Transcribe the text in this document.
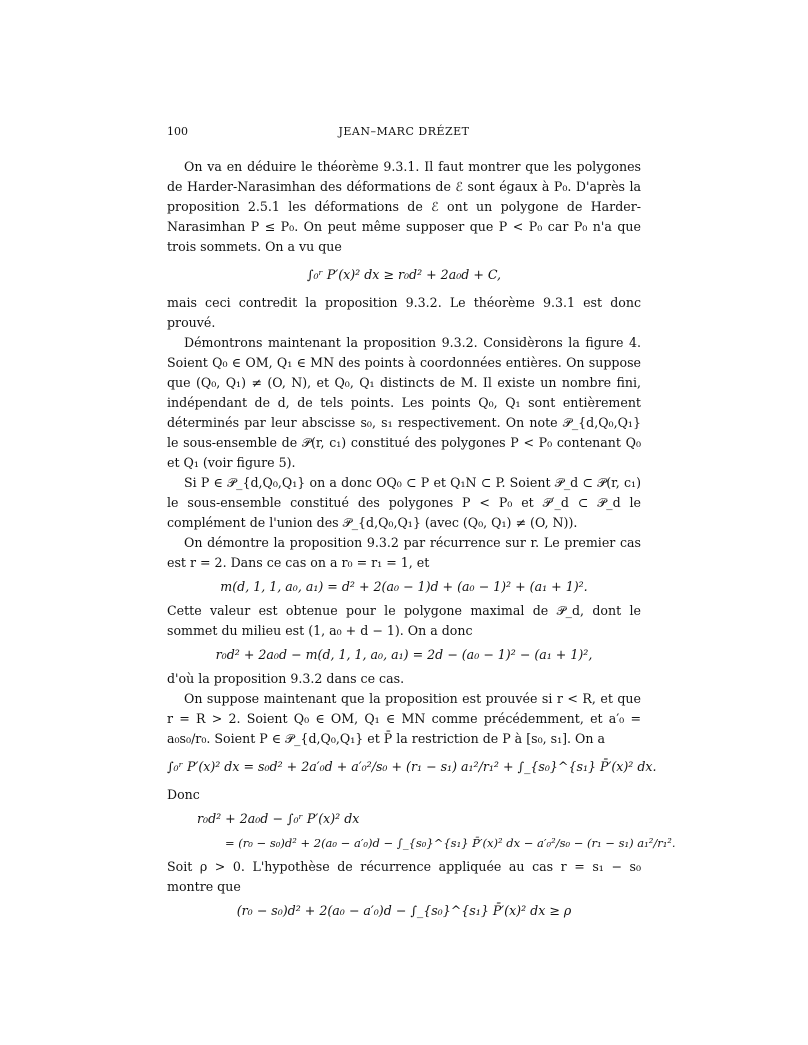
100	JEAN–MARC DRÉZET

On va en déduire le théorème 9.3.1. Il faut montrer que les polygones de Harder-Narasimhan des déformations de ℰ sont égaux à P₀. D'après la proposition 2.5.1 les déformations de ℰ ont un polygone de Harder-Narasimhan P ≤ P₀. On peut même supposer que P < P₀ car P₀ n'a que trois sommets. On a vu que

∫₀ʳ P′(x)² dx ≥ r₀d² + 2a₀d + C,

mais ceci contredit la proposition 9.3.2. Le théorème 9.3.1 est donc prouvé.

Démontrons maintenant la proposition 9.3.2. Considèrons la figure 4. Soient Q₀ ∈ OM, Q₁ ∈ MN des points à coordonnées entières. On suppose que (Q₀, Q₁) ≠ (O, N), et Q₀, Q₁ distincts de M. Il existe un nombre fini, indépendant de d, de tels points. Les points Q₀, Q₁ sont entièrement déterminés par leur abscisse s₀, s₁ respectivement. On note 𝒫_{d,Q₀,Q₁} le sous-ensemble de 𝒫(r, c₁) constitué des polygones P < P₀ contenant Q₀ et Q₁ (voir figure 5).

Si P ∈ 𝒫_{d,Q₀,Q₁} on a donc OQ₀ ⊂ P et Q₁N ⊂ P. Soient 𝒫_d ⊂ 𝒫(r, c₁) le sous-ensemble constitué des polygones P < P₀ et 𝒫′_d ⊂ 𝒫_d le complément de l'union des 𝒫_{d,Q₀,Q₁} (avec (Q₀, Q₁) ≠ (O, N)).

On démontre la proposition 9.3.2 par récurrence sur r. Le premier cas est r = 2. Dans ce cas on a r₀ = r₁ = 1, et

m(d, 1, 1, a₀, a₁) = d² + 2(a₀ − 1)d + (a₀ − 1)² + (a₁ + 1)².

Cette valeur est obtenue pour le polygone maximal de 𝒫_d, dont le sommet du milieu est (1, a₀ + d − 1). On a donc

r₀d² + 2a₀d − m(d, 1, 1, a₀, a₁) = 2d − (a₀ − 1)² − (a₁ + 1)²,

d'où la proposition 9.3.2 dans ce cas.

On suppose maintenant que la proposition est prouvée si r < R, et que r = R > 2. Soient Q₀ ∈ OM, Q₁ ∈ MN comme précédemment, et a′₀ = a₀s₀/r₀. Soient P ∈ 𝒫_{d,Q₀,Q₁} et P̄ la restriction de P à [s₀, s₁]. On a

∫₀ʳ P′(x)² dx = s₀d² + 2a′₀d + a′₀²/s₀ + (r₁ − s₁) a₁²/r₁² + ∫_{s₀}^{s₁} P̄′(x)² dx.

Donc

r₀d² + 2a₀d − ∫₀ʳ P′(x)² dx
= (r₀ − s₀)d² + 2(a₀ − a′₀)d − ∫_{s₀}^{s₁} P̄′(x)² dx − a′₀²/s₀ − (r₁ − s₁) a₁²/r₁².

Soit ρ > 0. L'hypothèse de récurrence appliquée au cas r = s₁ − s₀ montre que

(r₀ − s₀)d² + 2(a₀ − a′₀)d − ∫_{s₀}^{s₁} P̄′(x)² dx ≥ ρ
